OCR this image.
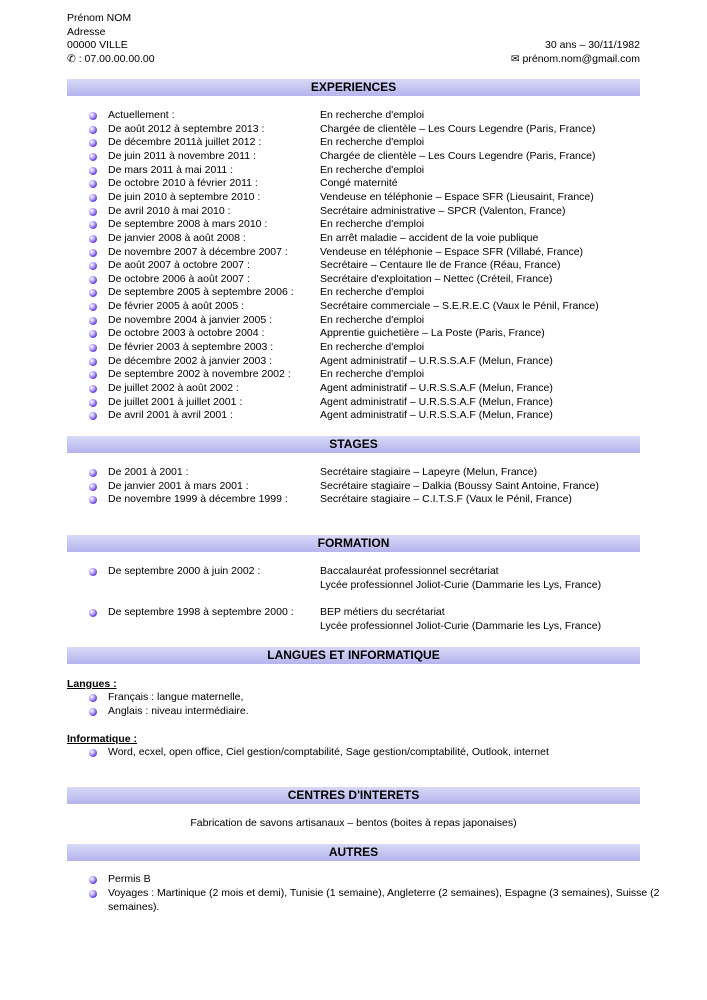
Prénom NOM
Adresse
00000 VILLE
✆ : 07.00.00.00.00
30 ans – 30/11/1982
✉ prénom.nom@gmail.com
EXPERIENCES
Actuellement :	En recherche d'emploi
De août 2012 à septembre 2013 :	Chargée de clientèle – Les Cours Legendre (Paris, France)
De décembre 2011à juillet 2012 :	En recherche d'emploi
De juin 2011 à novembre 2011 :	Chargée de clientèle – Les Cours Legendre (Paris, France)
De mars 2011 à mai 2011 :	En recherche d'emploi
De octobre 2010 à février 2011 :	Congé maternité
De juin 2010 à septembre 2010 :	Vendeuse en téléphonie – Espace SFR (Lieusaint, France)
De avril 2010 à mai 2010 :	Secrétaire administrative – SPCR (Valenton, France)
De septembre 2008 à mars 2010 :	En recherche d'emploi
De janvier 2008 à août 2008 :	En arrêt maladie – accident de la voie publique
De novembre 2007 à décembre 2007 :	Vendeuse en téléphonie – Espace SFR (Villabé, France)
De août 2007 à octobre 2007 :	Secrétaire – Centaure Ile de France (Réau, France)
De octobre 2006 à août 2007 :	Secrétaire d'exploitation – Nettec (Créteil, France)
De septembre 2005 à septembre 2006 :	En recherche d'emploi
De février 2005 à août 2005 :	Secrétaire commerciale – S.E.R.E.C (Vaux le Pénil, France)
De novembre 2004 à janvier 2005 :	En recherche d'emploi
De octobre 2003 à octobre 2004 :	Apprentie guichetière – La Poste (Paris, France)
De février 2003 à septembre 2003 :	En recherche d'emploi
De décembre 2002 à janvier 2003 :	Agent administratif – U.R.S.S.A.F (Melun, France)
De septembre 2002 à novembre 2002 :	En recherche d'emploi
De juillet 2002 à août 2002 :	Agent administratif – U.R.S.S.A.F (Melun, France)
De juillet 2001 à juillet 2001 :	Agent administratif – U.R.S.S.A.F (Melun, France)
De avril 2001 à avril 2001 :	Agent administratif – U.R.S.S.A.F (Melun, France)
STAGES
De 2001 à 2001 :	Secrétaire stagiaire – Lapeyre (Melun, France)
De janvier 2001 à mars 2001 :	Secrétaire stagiaire – Dalkia (Boussy Saint Antoine, France)
De novembre 1999 à décembre 1999 :	Secrétaire stagiaire – C.I.T.S.F (Vaux le Pénil, France)
FORMATION
De septembre 2000 à juin 2002 :	Baccalauréat professionnel secrétariat
Lycée professionnel Joliot-Curie (Dammarie les Lys, France)
De septembre 1998 à septembre 2000 :	BEP métiers du secrétariat
Lycée professionnel Joliot-Curie (Dammarie les Lys, France)
LANGUES ET INFORMATIQUE
Langues :
Français : langue maternelle,
Anglais : niveau intermédiaire.
Informatique :
Word, ecxel, open office, Ciel gestion/comptabilité, Sage gestion/comptabilité, Outlook, internet
CENTRES D'INTERETS
Fabrication de savons artisanaux – bentos (boites à repas japonaises)
AUTRES
Permis B
Voyages : Martinique (2 mois et demi), Tunisie (1 semaine), Angleterre (2 semaines), Espagne (3 semaines), Suisse (2
semaines).
